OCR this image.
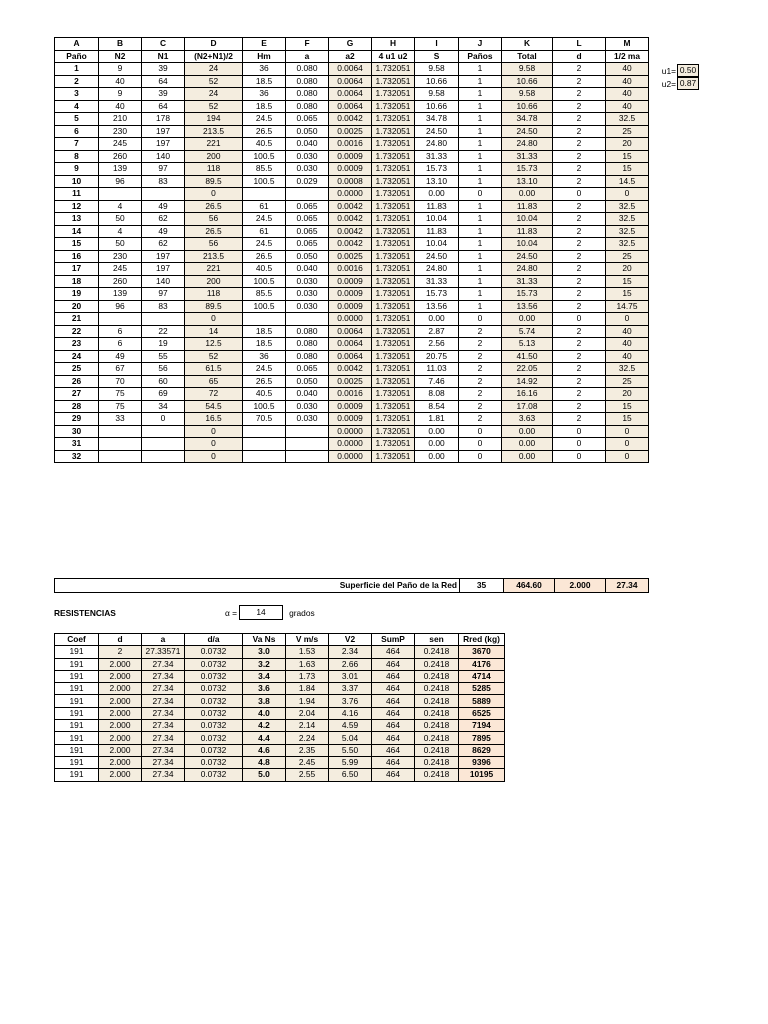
A	B	C	D	E	F	G	H	I	J	K	L	M
Paño	N2	N1	(N2+N1)/2	Hm	a	a2	4 u1 u2	S	Paños	Total	d	1/2 ma
1	9	39	24	36	0.080	0.0064	1.732051	9.58	1	9.58	2	40
2	40	64	52	18.5	0.080	0.0064	1.732051	10.66	1	10.66	2	40
3	9	39	24	36	0.080	0.0064	1.732051	9.58	1	9.58	2	40
4	40	64	52	18.5	0.080	0.0064	1.732051	10.66	1	10.66	2	40
5	210	178	194	24.5	0.065	0.0042	1.732051	34.78	1	34.78	2	32.5
6	230	197	213.5	26.5	0.050	0.0025	1.732051	24.50	1	24.50	2	25
7	245	197	221	40.5	0.040	0.0016	1.732051	24.80	1	24.80	2	20
8	260	140	200	100.5	0.030	0.0009	1.732051	31.33	1	31.33	2	15
9	139	97	118	85.5	0.030	0.0009	1.732051	15.73	1	15.73	2	15
10	96	83	89.5	100.5	0.029	0.0008	1.732051	13.10	1	13.10	2	14.5
11			0			0.0000	1.732051	0.00	0	0.00	0	0
12	4	49	26.5	61	0.065	0.0042	1.732051	11.83	1	11.83	2	32.5
13	50	62	56	24.5	0.065	0.0042	1.732051	10.04	1	10.04	2	32.5
14	4	49	26.5	61	0.065	0.0042	1.732051	11.83	1	11.83	2	32.5
15	50	62	56	24.5	0.065	0.0042	1.732051	10.04	1	10.04	2	32.5
16	230	197	213.5	26.5	0.050	0.0025	1.732051	24.50	1	24.50	2	25
17	245	197	221	40.5	0.040	0.0016	1.732051	24.80	1	24.80	2	20
18	260	140	200	100.5	0.030	0.0009	1.732051	31.33	1	31.33	2	15
19	139	97	118	85.5	0.030	0.0009	1.732051	15.73	1	15.73	2	15
20	96	83	89.5	100.5	0.030	0.0009	1.732051	13.56	1	13.56	2	14.75
21			0			0.0000	1.732051	0.00	0	0.00	0	0
22	6	22	14	18.5	0.080	0.0064	1.732051	2.87	2	5.74	2	40
23	6	19	12.5	18.5	0.080	0.0064	1.732051	2.56	2	5.13	2	40
24	49	55	52	36	0.080	0.0064	1.732051	20.75	2	41.50	2	40
25	67	56	61.5	24.5	0.065	0.0042	1.732051	11.03	2	22.05	2	32.5
26	70	60	65	26.5	0.050	0.0025	1.732051	7.46	2	14.92	2	25
27	75	69	72	40.5	0.040	0.0016	1.732051	8.08	2	16.16	2	20
28	75	34	54.5	100.5	0.030	0.0009	1.732051	8.54	2	17.08	2	15
29	33	0	16.5	70.5	0.030	0.0009	1.732051	1.81	2	3.63	2	15
30			0			0.0000	1.732051	0.00	0	0.00	0	0
31			0			0.0000	1.732051	0.00	0	0.00	0	0
32			0			0.0000	1.732051	0.00	0	0.00	0	0
u1= 0.50
u2= 0.87
Superficie del Paño de la Red	35	464.60	2.000	27.34
RESISTENCIAS	α =	14	grados
Coef	d	a	d/a	Va Ns	V m/s	V2	SumP	sen	Rred (kg)
191	2	27.33571	0.0732	3.0	1.53	2.34	464	0.2418	3670
191	2.000	27.34	0.0732	3.2	1.63	2.66	464	0.2418	4176
191	2.000	27.34	0.0732	3.4	1.73	3.01	464	0.2418	4714
191	2.000	27.34	0.0732	3.6	1.84	3.37	464	0.2418	5285
191	2.000	27.34	0.0732	3.8	1.94	3.76	464	0.2418	5889
191	2.000	27.34	0.0732	4.0	2.04	4.16	464	0.2418	6525
191	2.000	27.34	0.0732	4.2	2.14	4.59	464	0.2418	7194
191	2.000	27.34	0.0732	4.4	2.24	5.04	464	0.2418	7895
191	2.000	27.34	0.0732	4.6	2.35	5.50	464	0.2418	8629
191	2.000	27.34	0.0732	4.8	2.45	5.99	464	0.2418	9396
191	2.000	27.34	0.0732	5.0	2.55	6.50	464	0.2418	10195
